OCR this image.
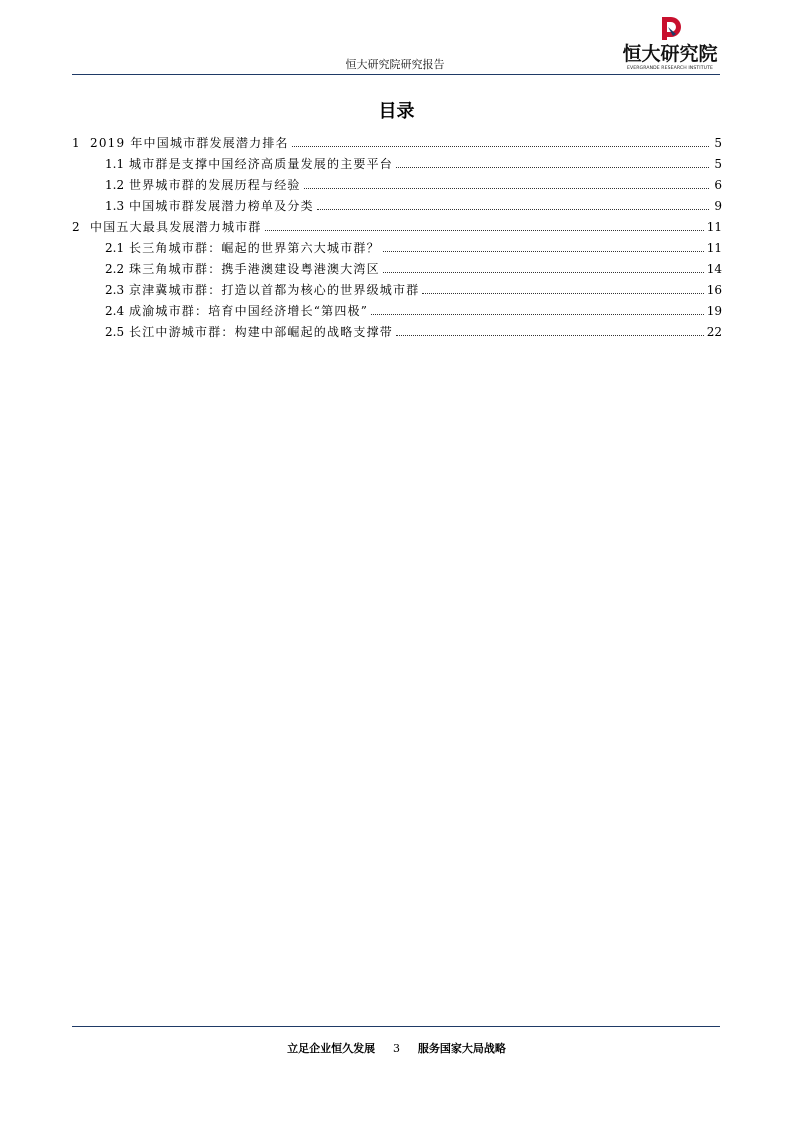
恒大研究院研究报告	恒大研究院
EVERGRANDE RESEARCH INSTITUTE
目录
1 2019 年中国城市群发展潜力排名	5
1.1 城市群是支撑中国经济高质量发展的主要平台	5
1.2 世界城市群的发展历程与经验	6
1.3 中国城市群发展潜力榜单及分类	9
2 中国五大最具发展潜力城市群	11
2.1 长三角城市群：崛起的世界第六大城市群？	11
2.2 珠三角城市群：携手港澳建设粤港澳大湾区	14
2.3 京津冀城市群：打造以首都为核心的世界级城市群	16
2.4 成渝城市群：培育中国经济增长“第四极”	19
2.5 长江中游城市群：构建中部崛起的战略支撑带	22
立足企业恒久发展 3 服务国家大局战略
